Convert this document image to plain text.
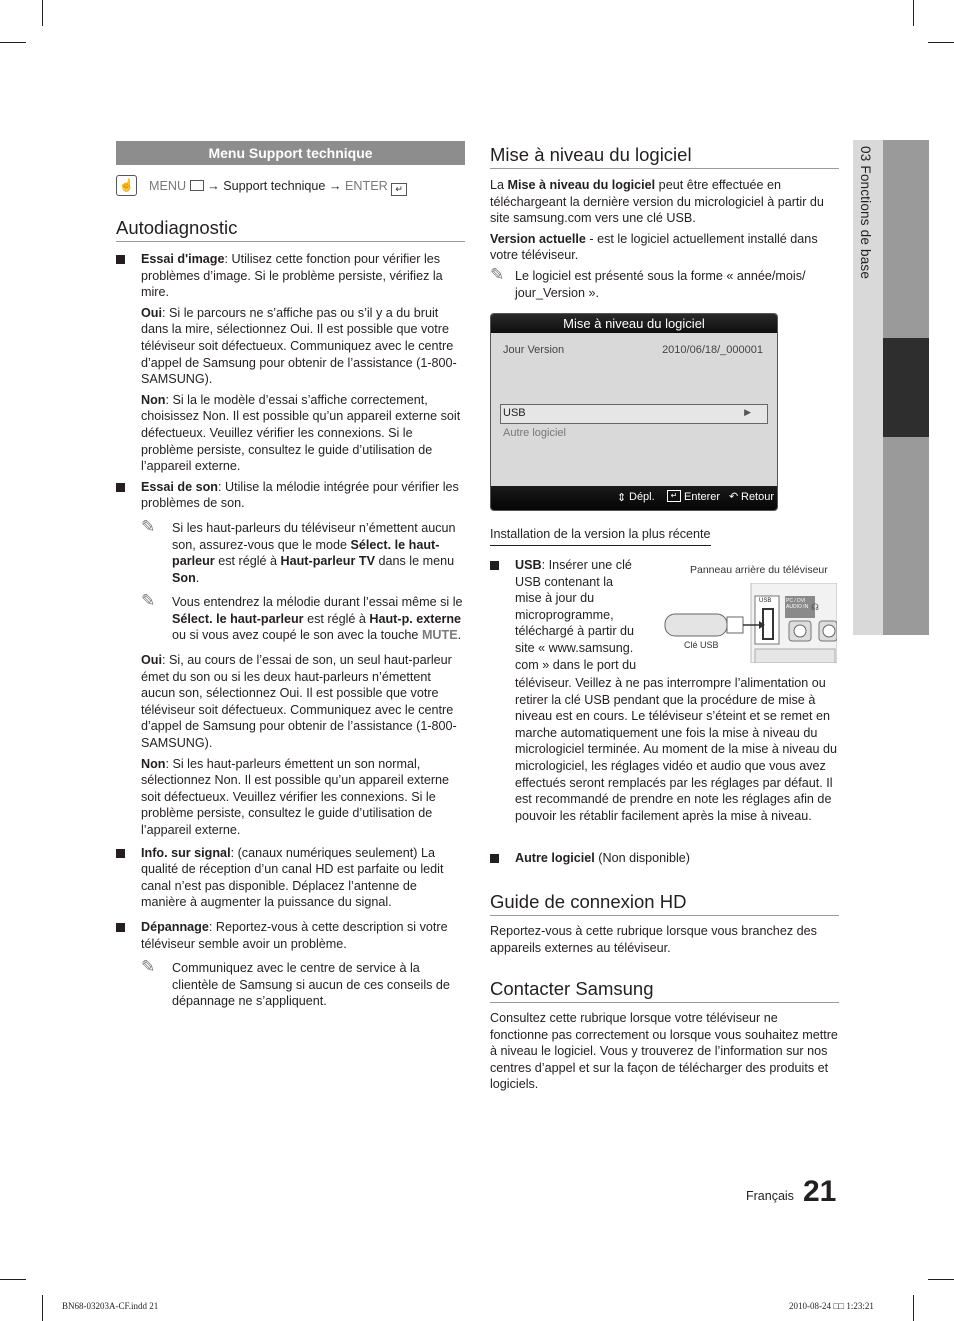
03 Fonctions de base
Menu Support technique
☝ MENU → Support technique → ENTER ↵
Autodiagnostic

Essai d'image: Utilisez cette fonction pour vérifier les problèmes d’image. Si le problème persiste, vérifiez la mire.

Oui: Si le parcours ne s’affiche pas ou s’il y a du bruit dans la mire, sélectionnez Oui. Il est possible que votre téléviseur soit défectueux. Communiquez avec le centre d’appel de Samsung pour obtenir de l’assistance (1-800-SAMSUNG).

Non: Si la le modèle d’essai s’affiche correctement, choisissez Non. Il est possible qu’un appareil externe soit défectueux. Veuillez vérifier les connexions. Si le problème persiste, consultez le guide d’utilisation de l’appareil externe.

Essai de son: Utilise la mélodie intégrée pour vérifier les problèmes de son.

✎ Si les haut-parleurs du téléviseur n’émettent aucun son, assurez-vous que le mode Sélect. le haut-parleur est réglé à Haut-parleur TV dans le menu Son.

✎ Vous entendrez la mélodie durant l’essai même si le Sélect. le haut-parleur est réglé à Haut-p. externe ou si vous avez coupé le son avec la touche MUTE.

Oui: Si, au cours de l’essai de son, un seul haut-parleur émet du son ou si les deux haut-parleurs n’émettent aucun son, sélectionnez Oui. Il est possible que votre téléviseur soit défectueux. Communiquez avec le centre d’appel de Samsung pour obtenir de l’assistance (1-800-SAMSUNG).

Non: Si les haut-parleurs émettent un son normal, sélectionnez Non. Il est possible qu’un appareil externe soit défectueux. Veuillez vérifier les connexions. Si le problème persiste, consultez le guide d’utilisation de l’appareil externe.

Info. sur signal: (canaux numériques seulement) La qualité de réception d’un canal HD est parfaite ou ledit canal n’est pas disponible. Déplacez l’antenne de manière à augmenter la puissance du signal.

Dépannage: Reportez-vous à cette description si votre téléviseur semble avoir un problème.

✎ Communiquez avec le centre de service à la clientèle de Samsung si aucun de ces conseils de dépannage ne s’appliquent.

Mise à niveau du logiciel

La Mise à niveau du logiciel peut être effectuée en téléchargeant la dernière version du micrologiciel à partir du site samsung.com vers une clé USB.

Version actuelle - est le logiciel actuellement installé dans votre téléviseur.

✎ Le logiciel est présenté sous la forme « année/mois/ jour_Version ».

Mise à niveau du logiciel
Jour Version	2010/06/18/_000001
USB	▶
Autre logiciel
⇕ Dépl.	↵ Enterer ↶ Retour
Installation de la version la plus récente

USB: Insérer une clé USB contenant la mise à jour du microprogramme, téléchargé à partir du site « www.samsung. com » dans le port du

téléviseur. Veillez à ne pas interrompre l’alimentation ou retirer la clé USB pendant que la procédure de mise à niveau est en cours. Le téléviseur s’éteint et se remet en marche automatiquement une fois la mise à niveau du micrologiciel terminée. Au moment de la mise à niveau du micrologiciel, les réglages vidéo et audio que vous avez effectués seront remplacés par les réglages par défaut. Il est recommandé de prendre en note les réglages afin de pouvoir les rétablir facilement après la mise à niveau.

Panneau arrière du téléviseur
USB	PC / DVI AUDIO IN ☊
Clé USB

Autre logiciel (Non disponible)

Guide de connexion HD

Reportez-vous à cette rubrique lorsque vous branchez des appareils externes au téléviseur.

Contacter Samsung

Consultez cette rubrique lorsque votre téléviseur ne fonctionne pas correctement ou lorsque vous souhaitez mettre à niveau le logiciel. Vous y trouverez de l’information sur nos centres d’appel et sur la façon de télécharger des produits et logiciels.

Français 21
BN68-03203A-CF.indd 21	2010-08-24 □□ 1:23:21
